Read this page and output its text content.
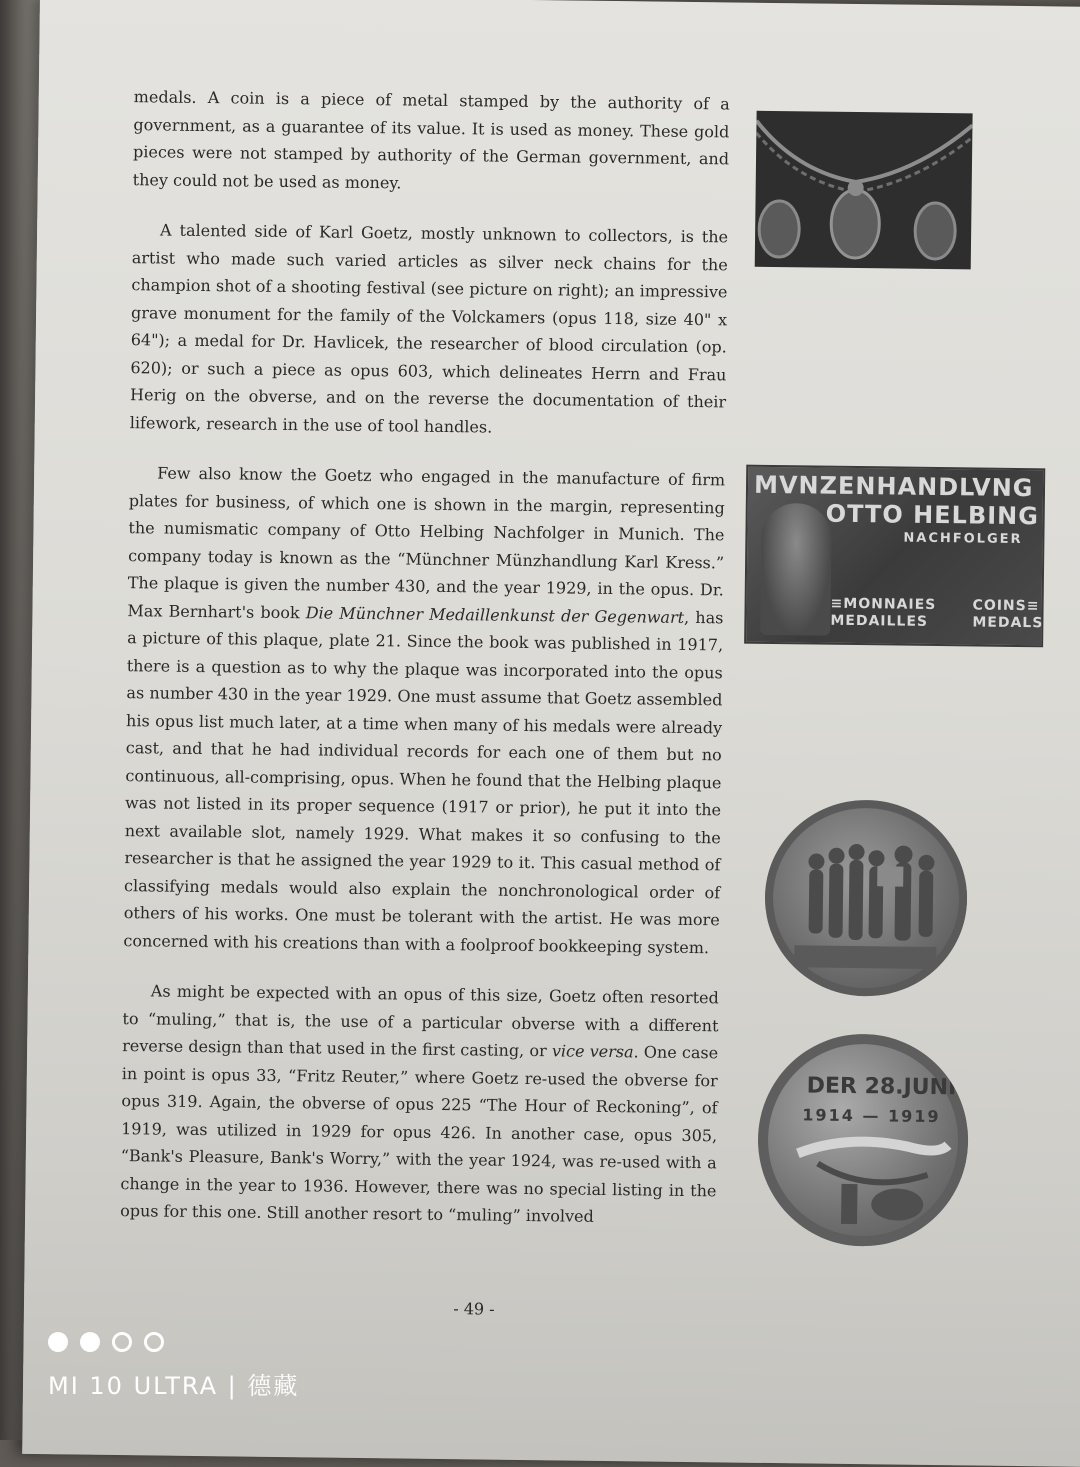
medals. A coin is a piece of metal stamped by the authority of a government, as a guarantee of its value. It is used as money. These gold pieces were not stamped by authority of the German government, and they could not be used as money.

A talented side of Karl Goetz, mostly unknown to collectors, is the artist who made such varied articles as silver neck chains for the champion shot of a shooting festival (see picture on right); an impressive grave monument for the family of the Volckamers (opus 118, size 40" x 64"); a medal for Dr. Havlicek, the researcher of blood circulation (op. 620); or such a piece as opus 603, which delineates Herrn and Frau Herig on the obverse, and on the reverse the documentation of their lifework, research in the use of tool handles.

Few also know the Goetz who engaged in the manufacture of firm plates for business, of which one is shown in the margin, representing the numismatic company of Otto Helbing Nachfolger in Munich. The company today is known as the “Münchner Münzhandlung Karl Kress.” The plaque is given the number 430, and the year 1929, in the opus. Dr. Max Bernhart's book Die Münchner Medaillenkunst der Gegenwart, has a picture of this plaque, plate 21. Since the book was published in 1917, there is a question as to why the plaque was incorporated into the opus as number 430 in the year 1929. One must assume that Goetz assembled his opus list much later, at a time when many of his medals were already cast, and that he had individual records for each one of them but no continuous, all-comprising, opus. When he found that the Helbing plaque was not listed in its proper sequence (1917 or prior), he put it into the next available slot, namely 1929. What makes it so confusing to the researcher is that he assigned the year 1929 to it. This casual method of classifying medals would also explain the nonchronological order of others of his works. One must be tolerant with the artist. He was more concerned with his creations than with a foolproof bookkeeping system.

As might be expected with an opus of this size, Goetz often resorted to “muling,” that is, the use of a particular obverse with a different reverse design than that used in the first casting, or vice versa. One case in point is opus 33, “Fritz Reuter,” where Goetz re-used the obverse for opus 319. Again, the obverse of opus 225 “The Hour of Reckoning”, of 1919, was utilized in 1929 for opus 426. In another case, opus 305, “Bank's Pleasure, Bank's Worry,” with the year 1924, was re-used with a change in the year to 1936. However, there was no special listing in the opus for this one. Still another resort to “muling” involved

MVNZENHANDLVNG
OTTO HELBING
NACHFOLGER
≡MONNAIES
MEDAILLES
COINS≡
MEDALS
DER 28.JUNI
1914 — 1919
- 49 -
MI 10 ULTRA | 德藏
